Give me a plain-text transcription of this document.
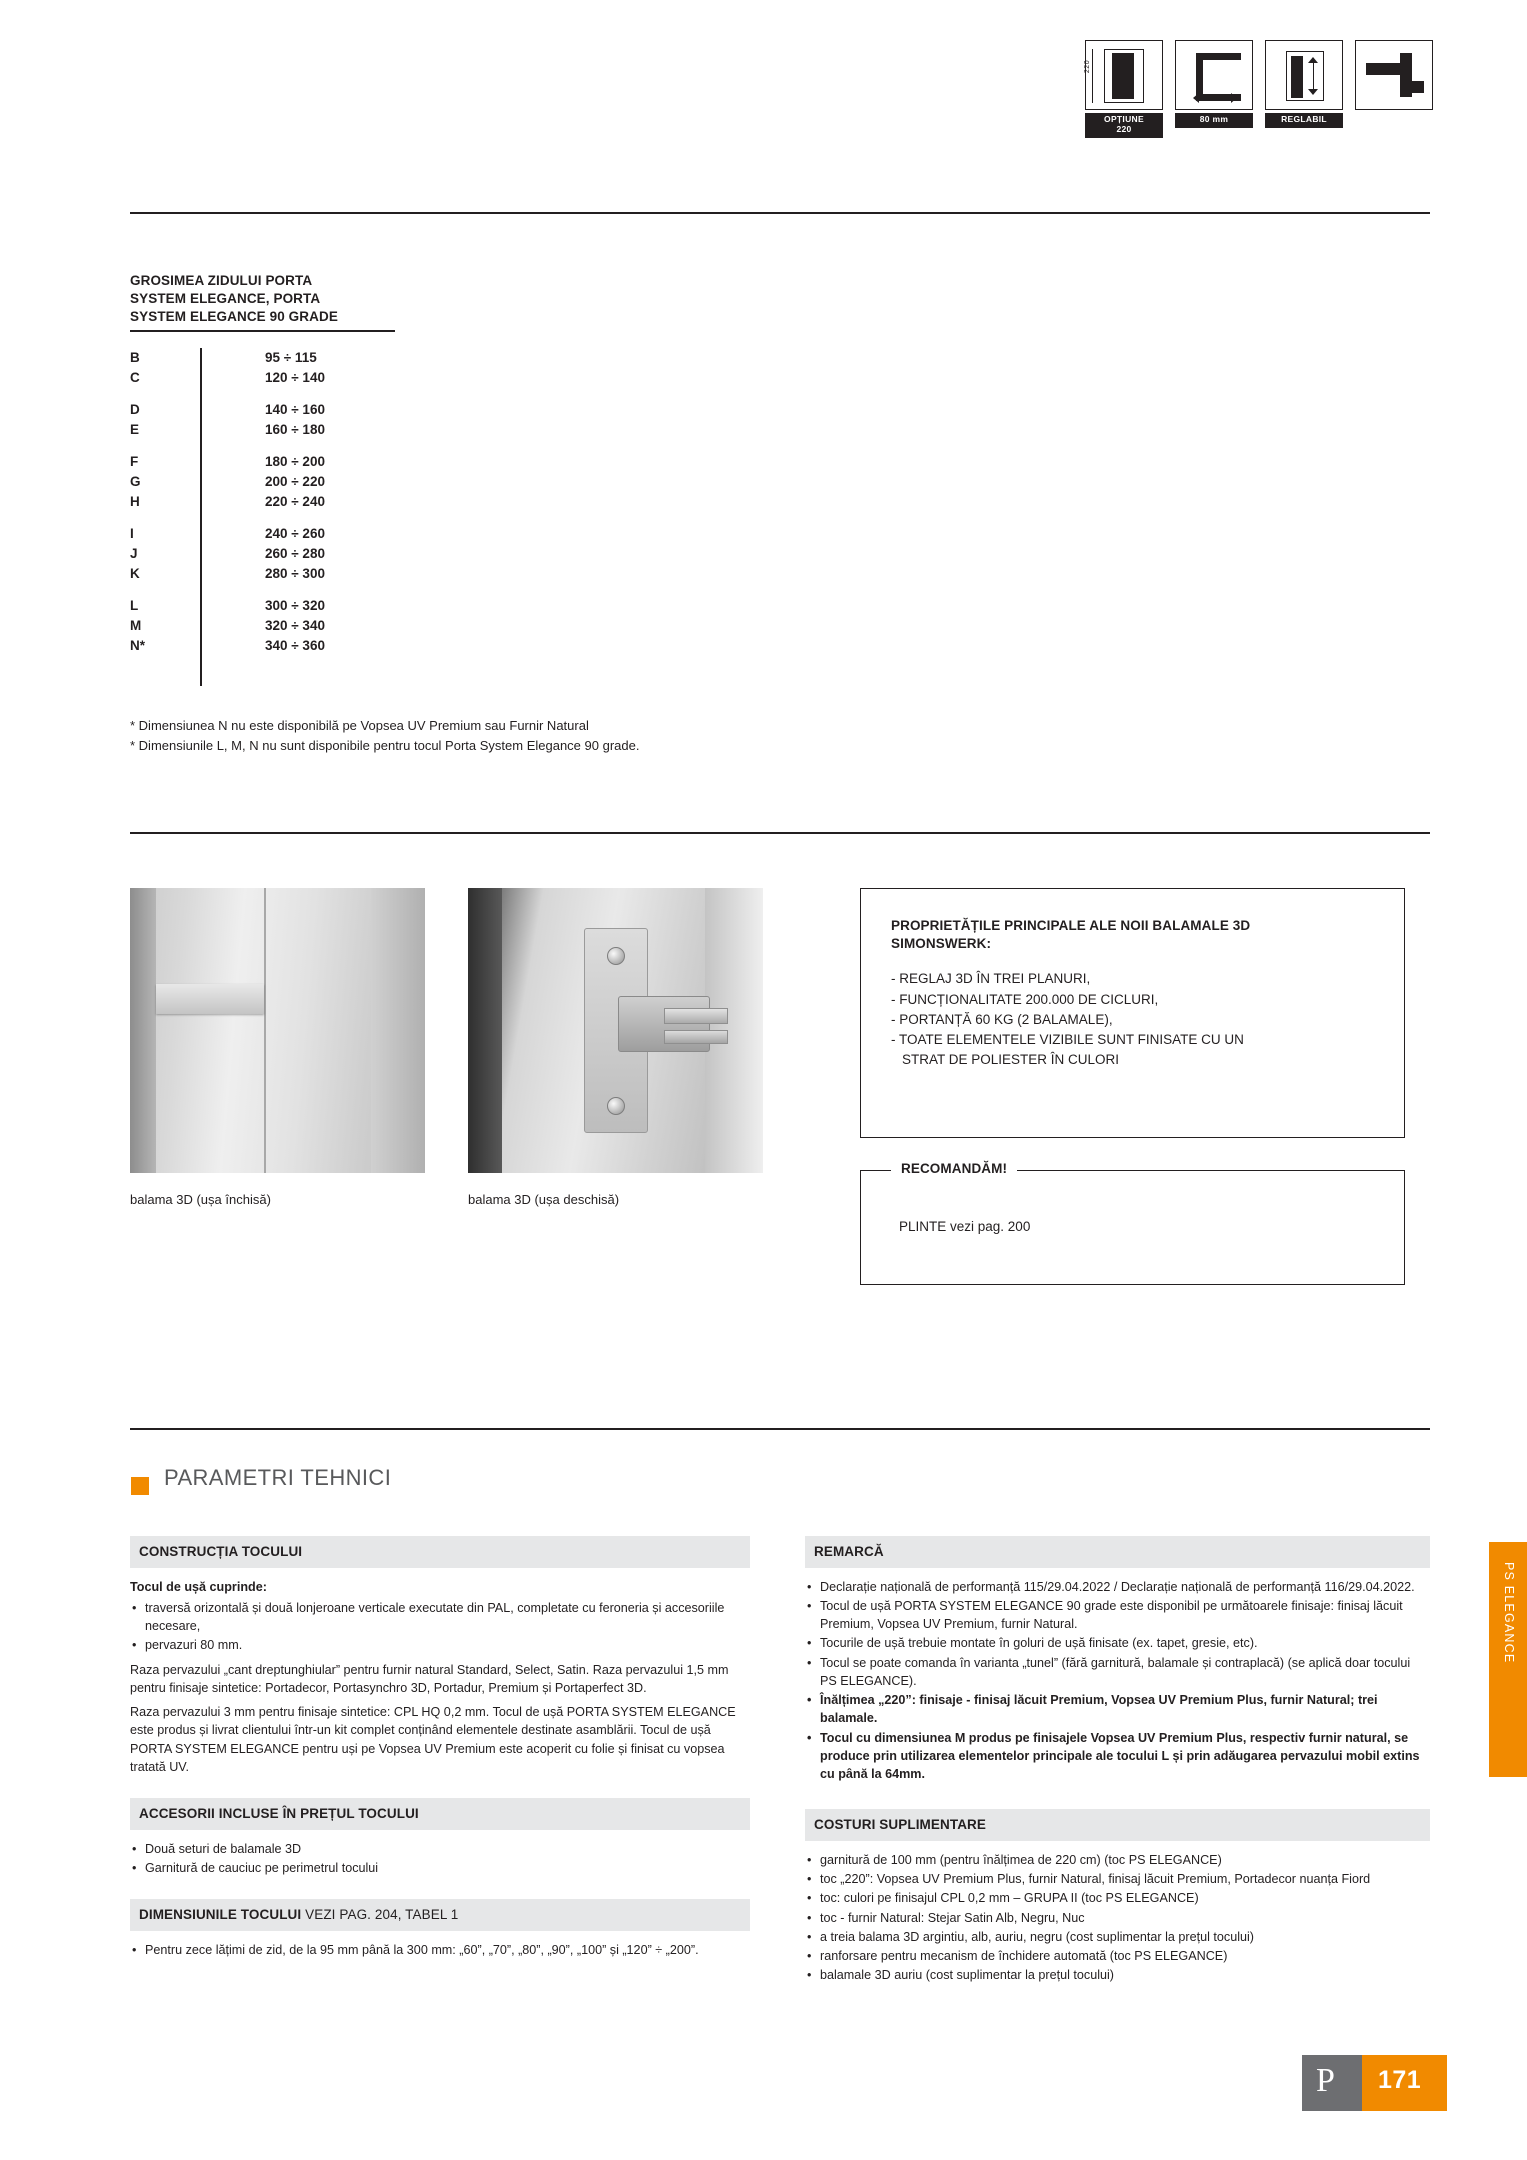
220
OPȚIUNE
220
80 mm	REGLABIL
GROSIMEA ZIDULUI PORTA
SYSTEM ELEGANCE, PORTA
SYSTEM ELEGANCE 90 GRADE
B	95 ÷ 115
C	120 ÷ 140
D	140 ÷ 160
E	160 ÷ 180
F	180 ÷ 200
G	200 ÷ 220
H	220 ÷ 240
I	240 ÷ 260
J	260 ÷ 280
K	280 ÷ 300
L	300 ÷ 320
M	320 ÷ 340
N*	340 ÷ 360
* Dimensiunea N nu este disponibilă pe Vopsea UV Premium sau Furnir Natural
* Dimensiunile L, M, N nu sunt disponibile pentru tocul Porta System Elegance 90 grade.
balama 3D (ușa închisă)	balama 3D (ușa deschisă)
PROPRIETĂȚILE PRINCIPALE ALE NOII BALAMALE 3D
SIMONSWERK:
- REGLAJ 3D ÎN TREI PLANURI,
- FUNCȚIONALITATE 200.000 DE CICLURI,
- PORTANȚĂ 60 KG (2 BALAMALE),
- TOATE ELEMENTELE VIZIBILE SUNT FINISATE CU UN
STRAT DE POLIESTER ÎN CULORI
RECOMANDĂM!
PLINTE vezi pag. 200
PARAMETRI TEHNICI
CONSTRUCȚIA TOCULUI
Tocul de ușă cuprinde:
• traversă orizontală și două lonjeroane verticale executate din PAL, completate cu feroneria și accesoriile necesare,
• pervazuri 80 mm.

Raza pervazului „cant dreptunghiular” pentru furnir natural Standard, Select, Satin. Raza pervazului 1,5 mm pentru finisaje sintetice: Portadecor, Portasynchro 3D, Portadur, Premium și Portaperfect 3D.

Raza pervazului 3 mm pentru finisaje sintetice: CPL HQ 0,2 mm. Tocul de ușă PORTA SYSTEM ELEGANCE este produs și livrat clientului într-un kit complet conținând elementele destinate asamblării. Tocul de ușă PORTA SYSTEM ELEGANCE pentru uși pe Vopsea UV Premium este acoperit cu folie și finisat cu vopsea tratată UV.

ACCESORII INCLUSE ÎN PREȚUL TOCULUI
• Două seturi de balamale 3D
• Garnitură de cauciuc pe perimetrul tocului
DIMENSIUNILE TOCULUI VEZI PAG. 204, TABEL 1
• Pentru zece lățimi de zid, de la 95 mm până la 300 mm: „60”, „70”, „80”, „90”, „100” și „120” ÷ „200”.
REMARCĂ
• Declarație națională de performanță 115/29.04.2022 / Declarație națională de performanță 116/29.04.2022.
• Tocul de ușă PORTA SYSTEM ELEGANCE 90 grade este disponibil pe următoarele finisaje: finisaj lăcuit Premium, Vopsea UV Premium, furnir Natural.
• Tocurile de ușă trebuie montate în goluri de ușă finisate (ex. tapet, gresie, etc).
• Tocul se poate comanda în varianta „tunel” (fără garnitură, balamale și contraplacă) (se aplică doar tocului PS ELEGANCE).
• Înălțimea „220”: finisaje - finisaj lăcuit Premium, Vopsea UV Premium Plus, furnir Natural; trei balamale.
• Tocul cu dimensiunea M produs pe finisajele Vopsea UV Premium Plus, respectiv furnir natural, se produce prin utilizarea elementelor principale ale tocului L și prin adăugarea pervazului mobil extins cu până la 64mm.
COSTURI SUPLIMENTARE
• garnitură de 100 mm (pentru înălțimea de 220 cm) (toc PS ELEGANCE)
• toc „220”: Vopsea UV Premium Plus, furnir Natural, finisaj lăcuit Premium, Portadecor nuanța Fiord
• toc: culori pe finisajul CPL 0,2 mm – GRUPA II (toc PS ELEGANCE)
• toc - furnir Natural: Stejar Satin Alb, Negru, Nuc
• a treia balama 3D argintiu, alb, auriu, negru (cost suplimentar la prețul tocului)
• ranforsare pentru mecanism de închidere automată (toc PS ELEGANCE)
• balamale 3D auriu (cost suplimentar la prețul tocului)
PS ELEGANCE
P 171
